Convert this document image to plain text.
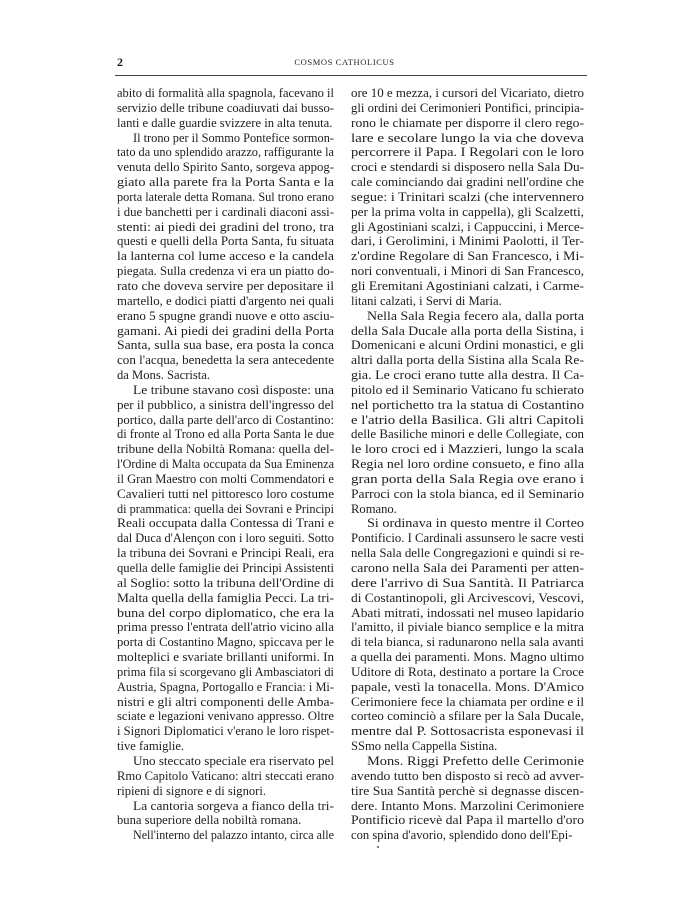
2	COSMOS CATHOLICUS
abito di formalità alla spagnola, facevano il
servizio delle tribune coadiuvati dai busso-
lanti e dalle guardie svizzere in alta tenuta.
Il trono per il Sommo Pontefice sormon-
tato da uno splendido arazzo, raffigurante la
venuta dello Spirito Santo, sorgeva appog-
giato alla parete fra la Porta Santa e la
porta laterale detta Romana. Sul trono erano
i due banchetti per i cardinali diaconi assi-
stenti: ai piedi dei gradini del trono, tra
questi e quelli della Porta Santa, fu situata
la lanterna col lume acceso e la candela
piegata. Sulla credenza vi era un piatto do-
rato che doveva servire per depositare il
martello, e dodici piatti d'argento nei quali
erano 5 spugne grandi nuove e otto asciu-
gamani. Ai piedi dei gradini della Porta
Santa, sulla sua base, era posta la conca
con l'acqua, benedetta la sera antecedente
da Mons. Sacrista.
Le tribune stavano così disposte: una
per il pubblico, a sinistra dell'ingresso del
portico, dalla parte dell'arco di Costantino:
di fronte al Trono ed alla Porta Santa le due
tribune della Nobiltà Romana: quella del-
l'Ordine di Malta occupata da Sua Eminenza
il Gran Maestro con molti Commendatori e
Cavalieri tutti nel pittoresco loro costume
di prammatica: quella dei Sovrani e Principi
Reali occupata dalla Contessa di Trani e
dal Duca d'Alençon con i loro seguiti. Sotto
la tribuna dei Sovrani e Principi Reali, era
quella delle famiglie dei Principi Assistenti
al Soglio: sotto la tribuna dell'Ordine di
Malta quella della famiglia Pecci. La tri-
buna del corpo diplomatico, che era la
prima presso l'entrata dell'atrio vicino alla
porta di Costantino Magno, spiccava per le
molteplici e svariate brillanti uniformi. In
prima fila si scorgevano gli Ambasciatori di
Austria, Spagna, Portogallo e Francia: i Mi-
nistri e gli altri componenti delle Amba-
sciate e legazioni venivano appresso. Oltre
i Signori Diplomatici v'erano le loro rispet-
tive famiglie.
Uno steccato speciale era riservato pel
Rmo Capitolo Vaticano: altri steccati erano
ripieni di signore e di signori.
La cantoria sorgeva a fianco della tri-
buna superiore della nobiltà romana.
Nell'interno del palazzo intanto, circa alle
ore 10 e mezza, i cursori del Vicariato, dietro
gli ordini dei Cerimonieri Pontifici, principia-
rono le chiamate per disporre il clero rego-
lare e secolare lungo la via che doveva
percorrere il Papa. I Regolari con le loro
croci e stendardi si disposero nella Sala Du-
cale cominciando dai gradini nell'ordine che
segue: i Trinitari scalzi (che intervennero
per la prima volta in cappella), gli Scalzetti,
gli Agostiniani scalzi, i Cappuccini, i Merce-
dari, i Gerolimini, i Minimi Paolotti, il Ter-
z'ordine Regolare di San Francesco, i Mi-
nori conventuali, i Minori di San Francesco,
gli Eremitani Agostiniani calzati, i Carme-
litani calzati, i Servi di Maria.
Nella Sala Regia fecero ala, dalla porta
della Sala Ducale alla porta della Sistina, i
Domenicani e alcuni Ordini monastici, e gli
altri dalla porta della Sistina alla Scala Re-
gia. Le croci erano tutte alla destra. Il Ca-
pitolo ed il Seminario Vaticano fu schierato
nel portichetto tra la statua di Costantino
e l'atrio della Basilica. Gli altri Capitoli
delle Basiliche minori e delle Collegiate, con
le loro croci ed i Mazzieri, lungo la scala
Regia nel loro ordine consueto, e fino alla
gran porta della Sala Regia ove erano i
Parroci con la stola bianca, ed il Seminario
Romano.
Si ordinava in questo mentre il Corteo
Pontificio. I Cardinali assunsero le sacre vesti
nella Sala delle Congregazioni e quindi si re-
carono nella Sala dei Paramenti per atten-
dere l'arrivo di Sua Santità. Il Patriarca
di Costantinopoli, gli Arcivescovi, Vescovi,
Abati mitrati, indossati nel museo lapidario
l'amitto, il piviale bianco semplice e la mitra
di tela bianca, si radunarono nella sala avanti
a quella dei paramenti. Mons. Magno ultimo
Uditore di Rota, destinato a portare la Croce
papale, vestì la tonacella. Mons. D'Amico
Cerimoniere fece la chiamata per ordine e il
corteo cominciò a sfilare per la Sala Ducale,
mentre dal P. Sottosacrista esponevasi il
SSmo nella Cappella Sistina.
Mons. Riggi Prefetto delle Cerimonie
avendo tutto ben disposto si recò ad avver-
tire Sua Santità perchè si degnasse discen-
dere. Intanto Mons. Marzolini Cerimoniere
Pontificio ricevè dal Papa il martello d'oro
con spina d'avorio, splendido dono dell'Epi-
